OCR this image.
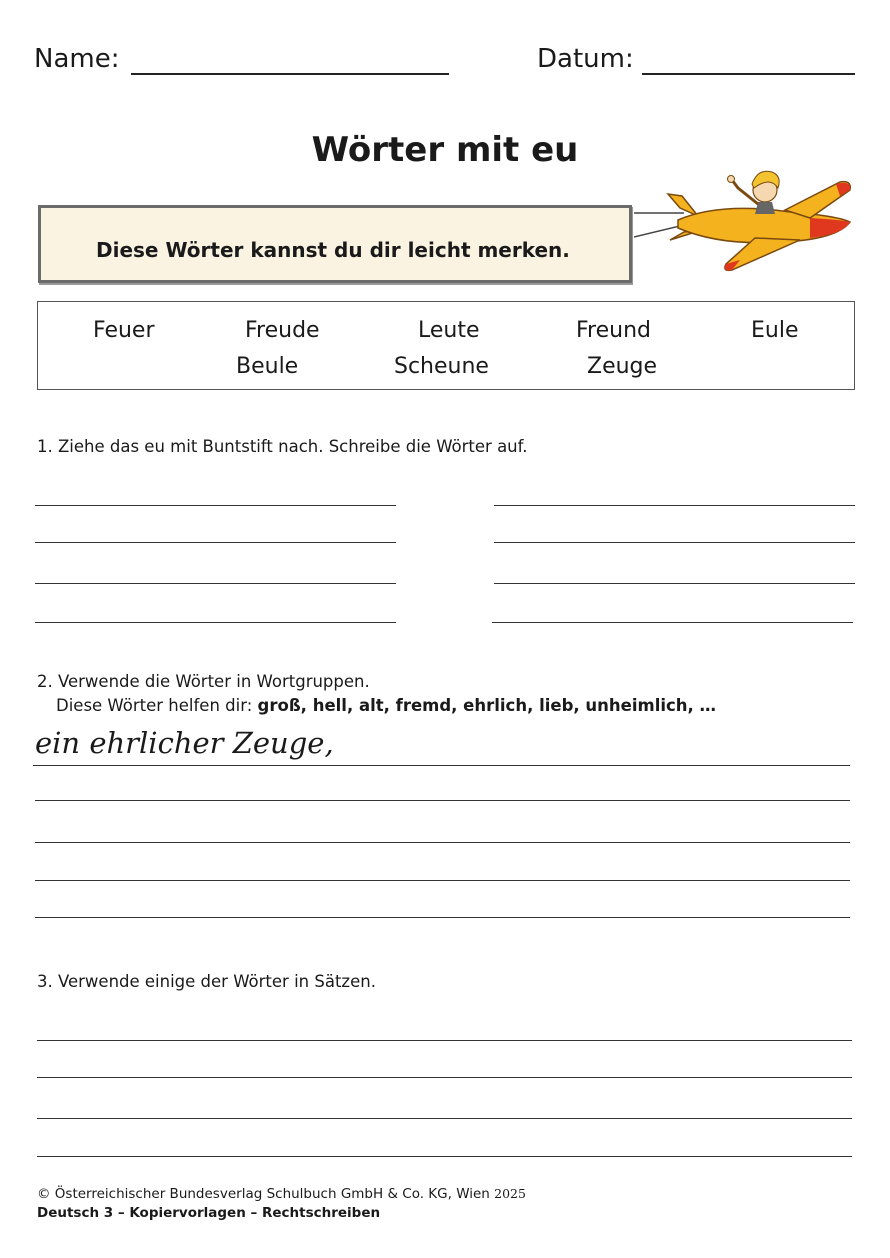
Name:	Datum:
Wörter mit eu
Diese Wörter kannst du dir leicht merken.
Feuer	Freude	Leute	Freund	Eule
Beule	Scheune	Zeuge
1. Ziehe das eu mit Buntstift nach. Schreibe die Wörter auf.
2. Verwende die Wörter in Wortgruppen.
Diese Wörter helfen dir: groß, hell, alt, fremd, ehrlich, lieb, unheimlich, …
ein ehrlicher Zeuge,
3. Verwende einige der Wörter in Sätzen.
© Österreichischer Bundesverlag Schulbuch GmbH & Co. KG, Wien 2025
Deutsch 3 – Kopiervorlagen – Rechtschreiben
